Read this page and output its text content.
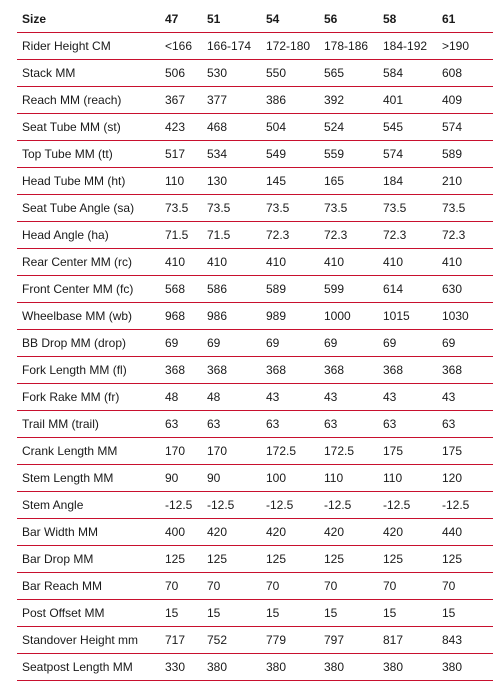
Size	47	51	54	56	58	61
Rider Height CM	<166	166-174	172-180	178-186	184-192	>190
Stack MM	506	530	550	565	584	608
Reach MM (reach)	367	377	386	392	401	409
Seat Tube MM (st)	423	468	504	524	545	574
Top Tube MM (tt)	517	534	549	559	574	589
Head Tube MM (ht)	110	130	145	165	184	210
Seat Tube Angle (sa)	73.5	73.5	73.5	73.5	73.5	73.5
Head Angle (ha)	71.5	71.5	72.3	72.3	72.3	72.3
Rear Center MM (rc)	410	410	410	410	410	410
Front Center MM (fc)	568	586	589	599	614	630
Wheelbase MM (wb)	968	986	989	1000	1015	1030
BB Drop MM (drop)	69	69	69	69	69	69
Fork Length MM (fl)	368	368	368	368	368	368
Fork Rake MM (fr)	48	48	43	43	43	43
Trail MM (trail)	63	63	63	63	63	63
Crank Length MM	170	170	172.5	172.5	175	175
Stem Length MM	90	90	100	110	110	120
Stem Angle	-12.5	-12.5	-12.5	-12.5	-12.5	-12.5
Bar Width MM	400	420	420	420	420	440
Bar Drop MM	125	125	125	125	125	125
Bar Reach MM	70	70	70	70	70	70
Post Offset MM	15	15	15	15	15	15
Standover Height mm	717	752	779	797	817	843
Seatpost Length MM	330	380	380	380	380	380
